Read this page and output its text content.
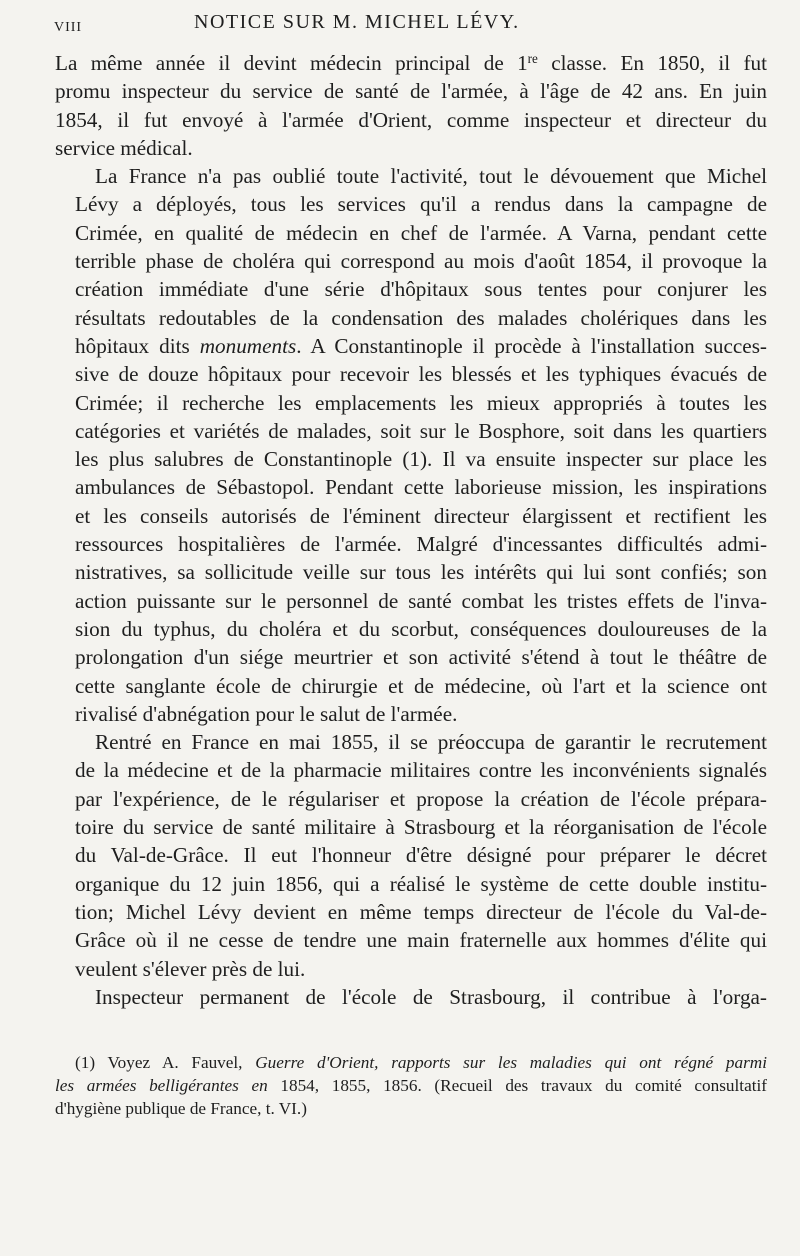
VIII	NOTICE SUR M. MICHEL LÉVY.

La même année il devint médecin principal de 1re classe. En 1850, il fut
promu inspecteur du service de santé de l'armée, à l'âge de 42 ans. En juin
1854, il fut envoyé à l'armée d'Orient, comme inspecteur et directeur du
service médical.

La France n'a pas oublié toute l'activité, tout le dévouement que Michel
Lévy a déployés, tous les services qu'il a rendus dans la campagne de
Crimée, en qualité de médecin en chef de l'armée. A Varna, pendant cette
terrible phase de choléra qui correspond au mois d'août 1854, il provoque la
création immédiate d'une série d'hôpitaux sous tentes pour conjurer les
résultats redoutables de la condensation des malades cholériques dans les
hôpitaux dits monuments. A Constantinople il procède à l'installation succes-
sive de douze hôpitaux pour recevoir les blessés et les typhiques évacués de
Crimée; il recherche les emplacements les mieux appropriés à toutes les
catégories et variétés de malades, soit sur le Bosphore, soit dans les quartiers
les plus salubres de Constantinople (1). Il va ensuite inspecter sur place les
ambulances de Sébastopol. Pendant cette laborieuse mission, les inspirations
et les conseils autorisés de l'éminent directeur élargissent et rectifient les
ressources hospitalières de l'armée. Malgré d'incessantes difficultés admi-
nistratives, sa sollicitude veille sur tous les intérêts qui lui sont confiés; son
action puissante sur le personnel de santé combat les tristes effets de l'inva-
sion du typhus, du choléra et du scorbut, conséquences douloureuses de la
prolongation d'un siége meurtrier et son activité s'étend à tout le théâtre de
cette sanglante école de chirurgie et de médecine, où l'art et la science ont
rivalisé d'abnégation pour le salut de l'armée.

Rentré en France en mai 1855, il se préoccupa de garantir le recrutement
de la médecine et de la pharmacie militaires contre les inconvénients signalés
par l'expérience, de le régulariser et propose la création de l'école prépara-
toire du service de santé militaire à Strasbourg et la réorganisation de l'école
du Val-de-Grâce. Il eut l'honneur d'être désigné pour préparer le décret
organique du 12 juin 1856, qui a réalisé le système de cette double institu-
tion; Michel Lévy devient en même temps directeur de l'école du Val-de-
Grâce où il ne cesse de tendre une main fraternelle aux hommes d'élite qui
veulent s'élever près de lui.

Inspecteur permanent de l'école de Strasbourg, il contribue à l'orga-

(1) Voyez A. Fauvel, Guerre d'Orient, rapports sur les maladies qui ont régné parmi
les armées belligérantes en 1854, 1855, 1856. (Recueil des travaux du comité consultatif
d'hygiène publique de France, t. VI.)
